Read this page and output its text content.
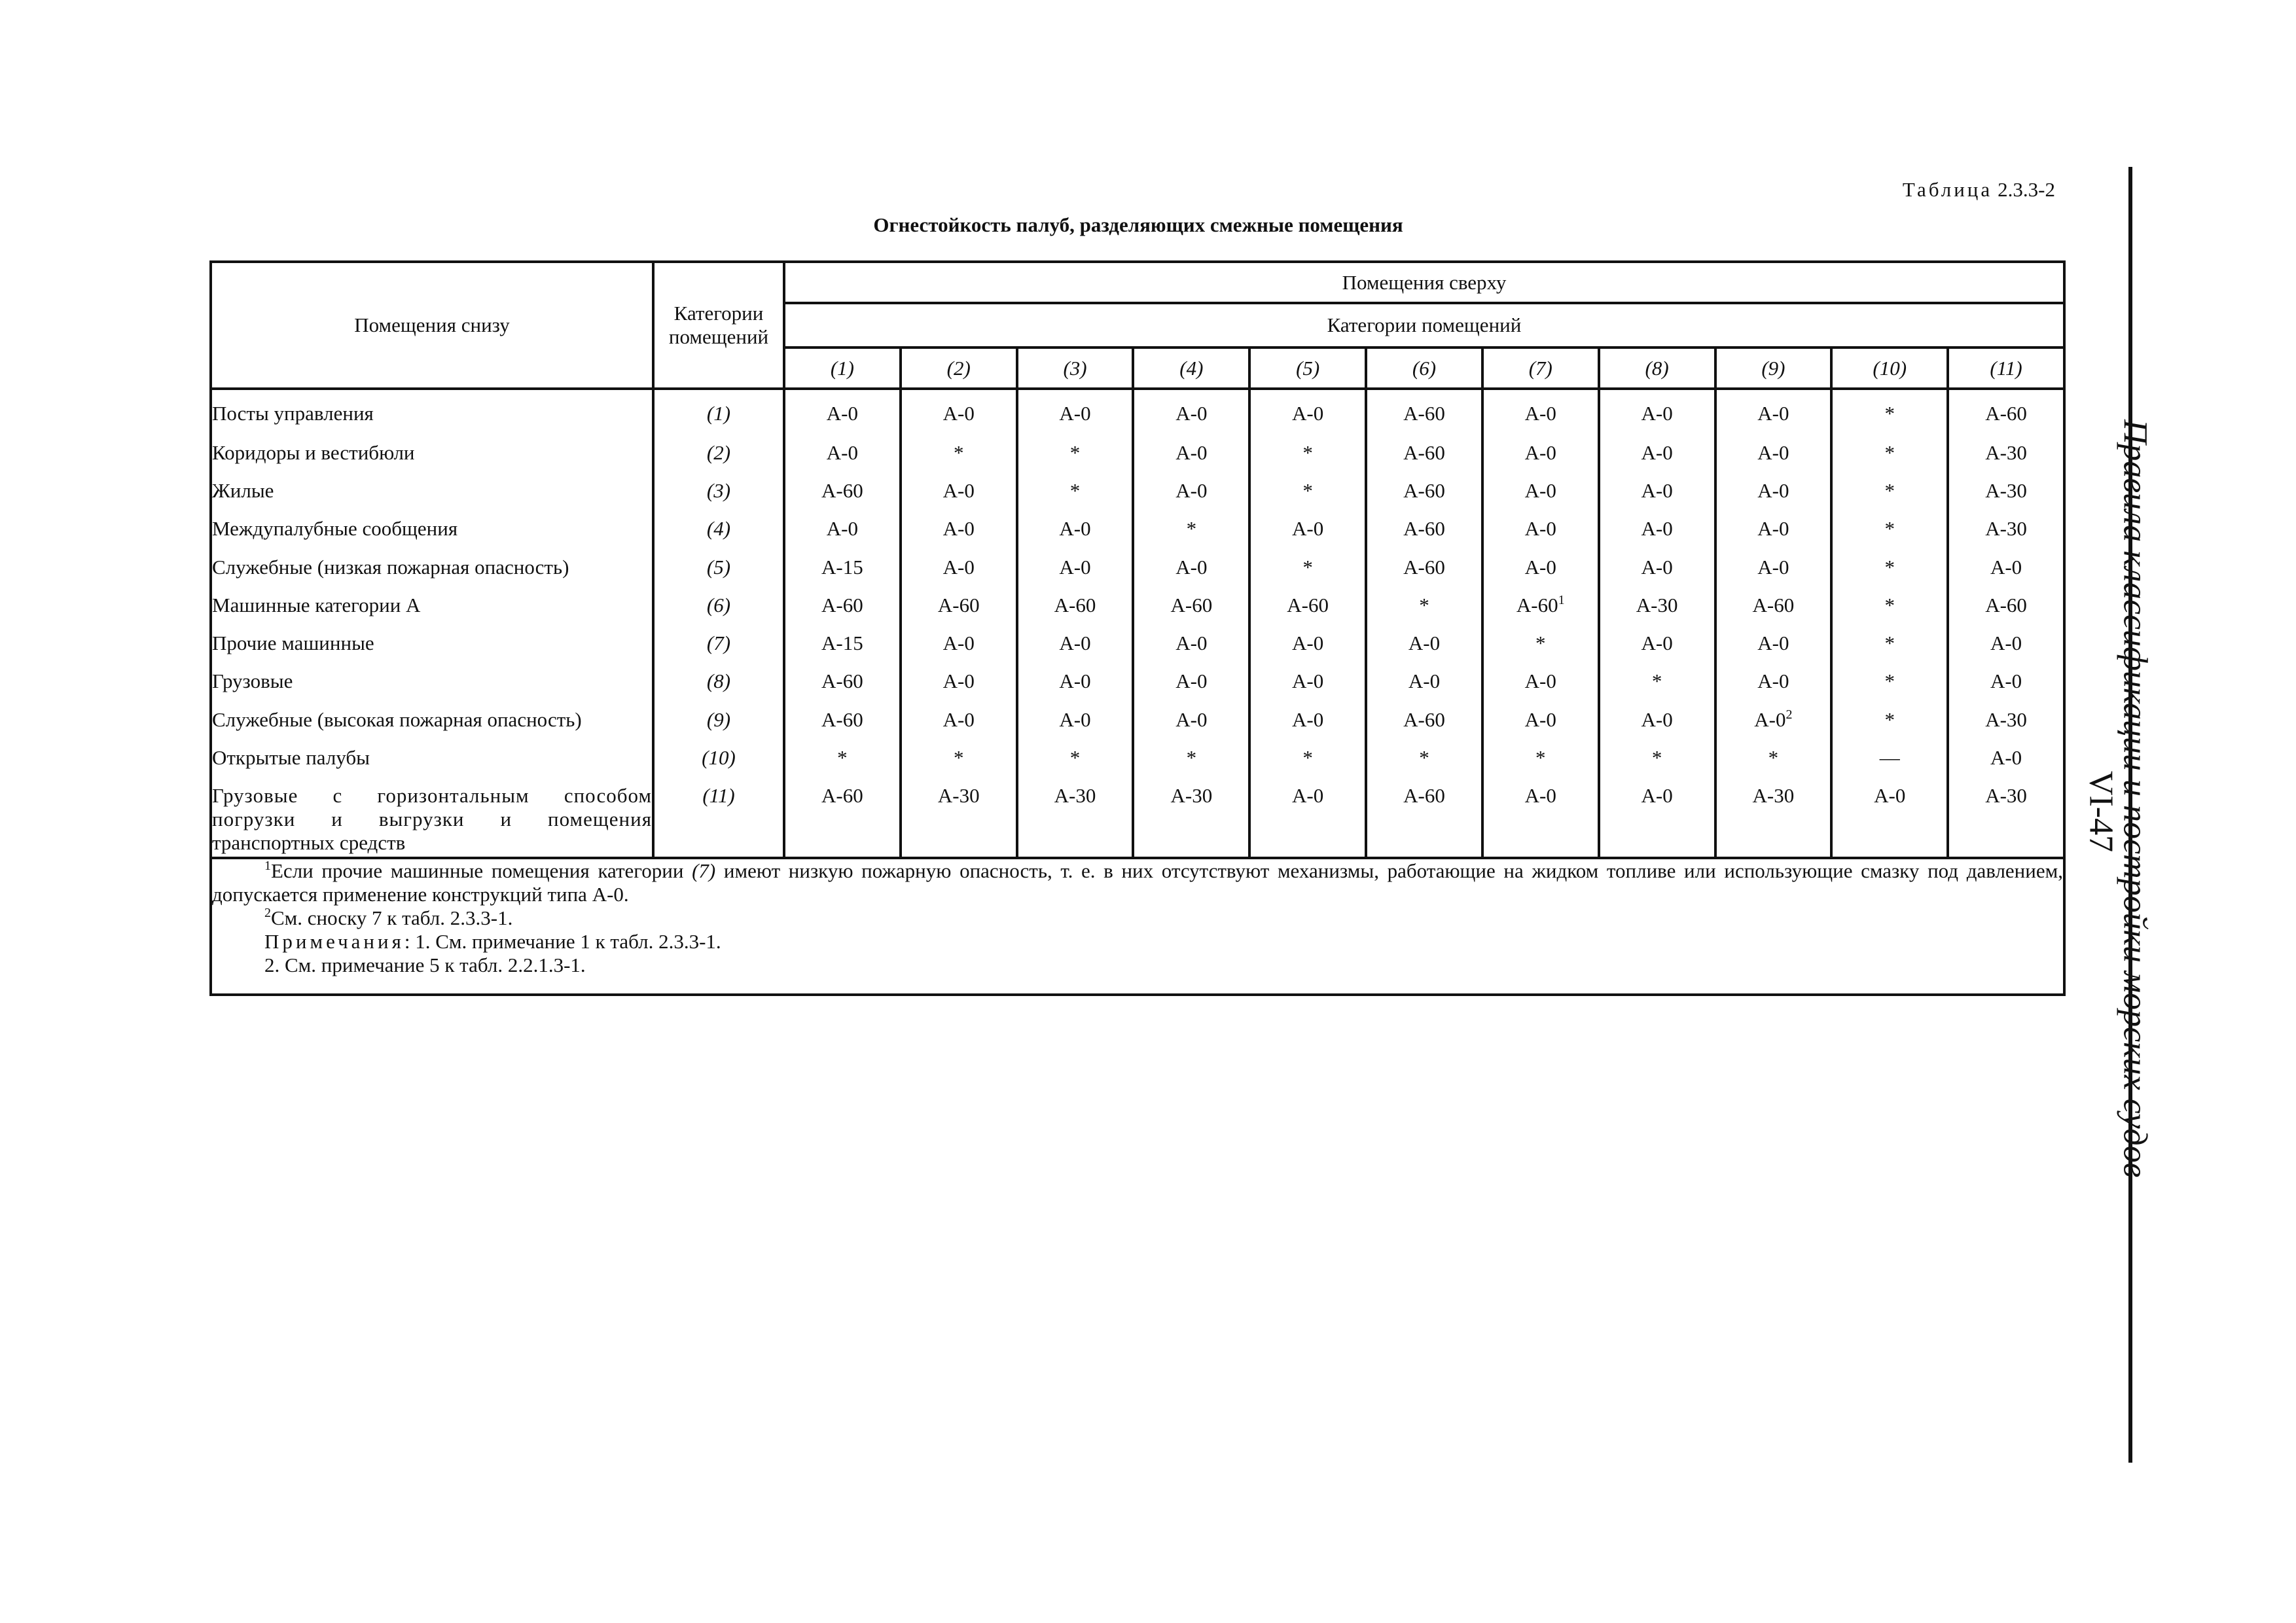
Таблица 2.3.3-2
Огнестойкость палуб, разделяющих смежные помещения
Помещения снизу	Категории помещений	Помещения сверху										
		Категории помещений										
		(1)	(2)	(3)	(4)	(5)	(6)	(7)	(8)	(9)	(10)	(11)
Посты управления	(1)	A-0	A-0	A-0	A-0	A-0	A-60	A-0	A-0	A-0	*	A-60
Коридоры и вестибюли	(2)	A-0	*	*	A-0	*	A-60	A-0	A-0	A-0	*	A-30
Жилые	(3)	A-60	A-0	*	A-0	*	A-60	A-0	A-0	A-0	*	A-30
Междупалубные сообщения	(4)	A-0	A-0	A-0	*	A-0	A-60	A-0	A-0	A-0	*	A-30
Служебные (низкая пожарная опасность)	(5)	A-15	A-0	A-0	A-0	*	A-60	A-0	A-0	A-0	*	A-0
Машинные категории А	(6)	A-60	A-60	A-60	A-60	A-60	*	$A-60^1$	A-30	A-60	*	A-60
Прочие машинные	(7)	A-15	A-0	A-0	A-0	A-0	A-0	*	A-0	A-0	*	A-0
Грузовые	(8)	A-60	A-0	A-0	A-0	A-0	A-0	A-0	*	A-0	*	A-0
Служебные (высокая пожарная опасность)	(9)	A-60	A-0	A-0	A-0	A-0	A-60	A-0	A-0	$A-0^2$	*	A-30
Открытые палубы	(10)	*	*	*	*	*	*	*	*	*	—	A-0
Грузовые с горизонтальным способом погрузки и выгрузки и помещения
транспортных средств	(11)	A-60	A-30	A-30	A-30	A-0	A-60	A-0	A-0	A-30	A-0	A-30

$^1$Если прочие машинные помещения категории (7) имеют низкую пожарную опасность, т. е. в них отсутствуют механизмы, работающие на жидком топливе или использующие смазку под давлением, допускается применение конструкций типа А-0.

$^2$См. сноску 7 к табл. 2.3.3-1.

Примечания: 1. См. примечание 1 к табл. 2.3.3-1.

2. См. примечание 5 к табл. 2.2.1.3-1.													Правила классификации и постройки морских судов
VI-47
